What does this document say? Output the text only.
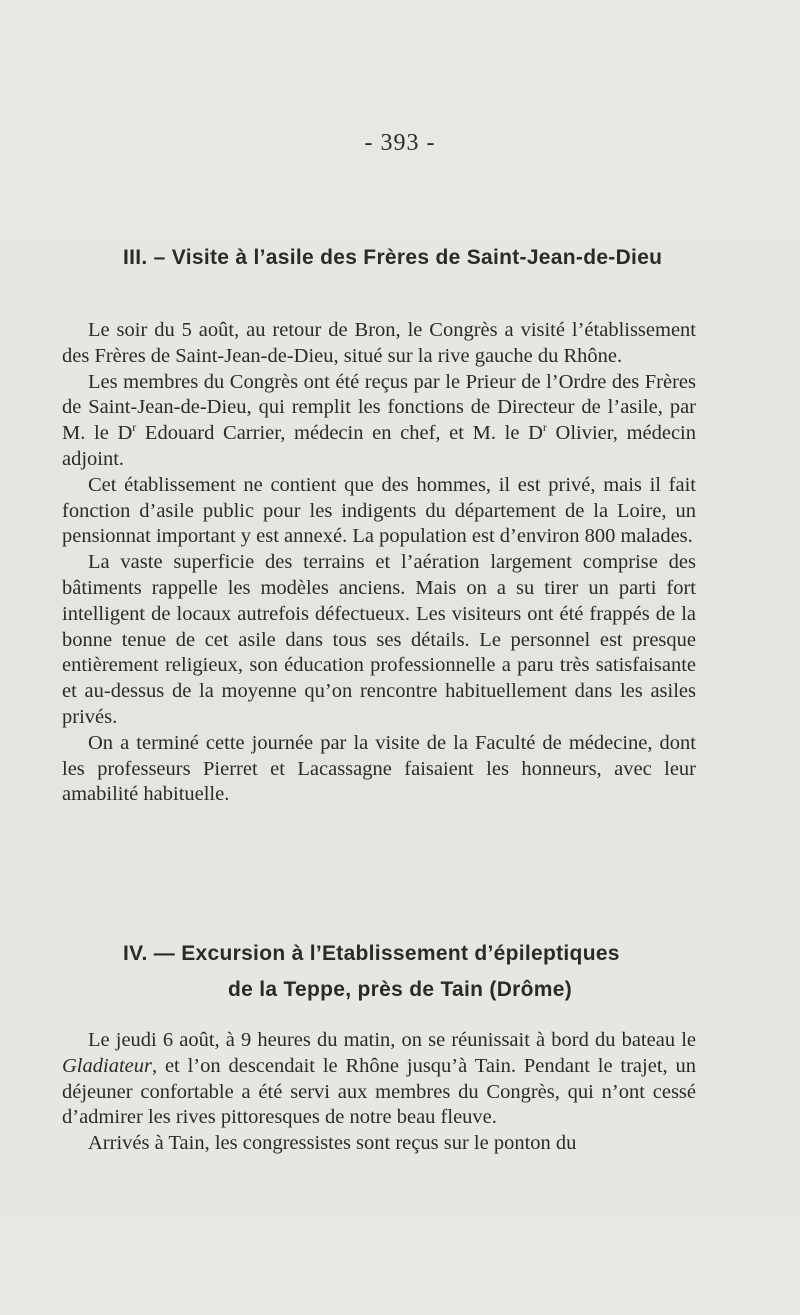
- 393 -
III. – Visite à l’asile des Frères de Saint-Jean-de-Dieu

Le soir du 5 août, au retour de Bron, le Congrès a visité l’établissement des Frères de Saint-Jean-de-Dieu, situé sur la rive gauche du Rhône.

Les membres du Congrès ont été reçus par le Prieur de l’Ordre des Frères de Saint-Jean-de-Dieu, qui remplit les fonctions de Directeur de l’asile, par M. le $D^r$ Edouard Carrier, médecin en chef, et M. le $D^r$ Olivier, médecin adjoint.

Cet établissement ne contient que des hommes, il est privé, mais il fait fonction d’asile public pour les indigents du département de la Loire, un pensionnat important y est annexé. La population est d’environ 800 malades.

La vaste superficie des terrains et l’aération largement comprise des bâtiments rappelle les modèles anciens. Mais on a su tirer un parti fort intelligent de locaux autrefois défectueux. Les visiteurs ont été frappés de la bonne tenue de cet asile dans tous ses détails. Le personnel est presque entièrement religieux, son éducation professionnelle a paru très satisfaisante et au-dessus de la moyenne qu’on rencontre habituellement dans les asiles privés.

On a terminé cette journée par la visite de la Faculté de médecine, dont les professeurs Pierret et Lacassagne faisaient les honneurs, avec leur amabilité habituelle.

IV. — Excursion à l’Etablissement d’épileptiques
de la Teppe, près de Tain (Drôme)

Le jeudi 6 août, à 9 heures du matin, on se réunissait à bord du bateau le Gladiateur, et l’on descendait le Rhône jusqu’à Tain. Pendant le trajet, un déjeuner confortable a été servi aux membres du Congrès, qui n’ont cessé d’admirer les rives pittoresques de notre beau fleuve.

Arrivés à Tain, les congressistes sont reçus sur le ponton du
